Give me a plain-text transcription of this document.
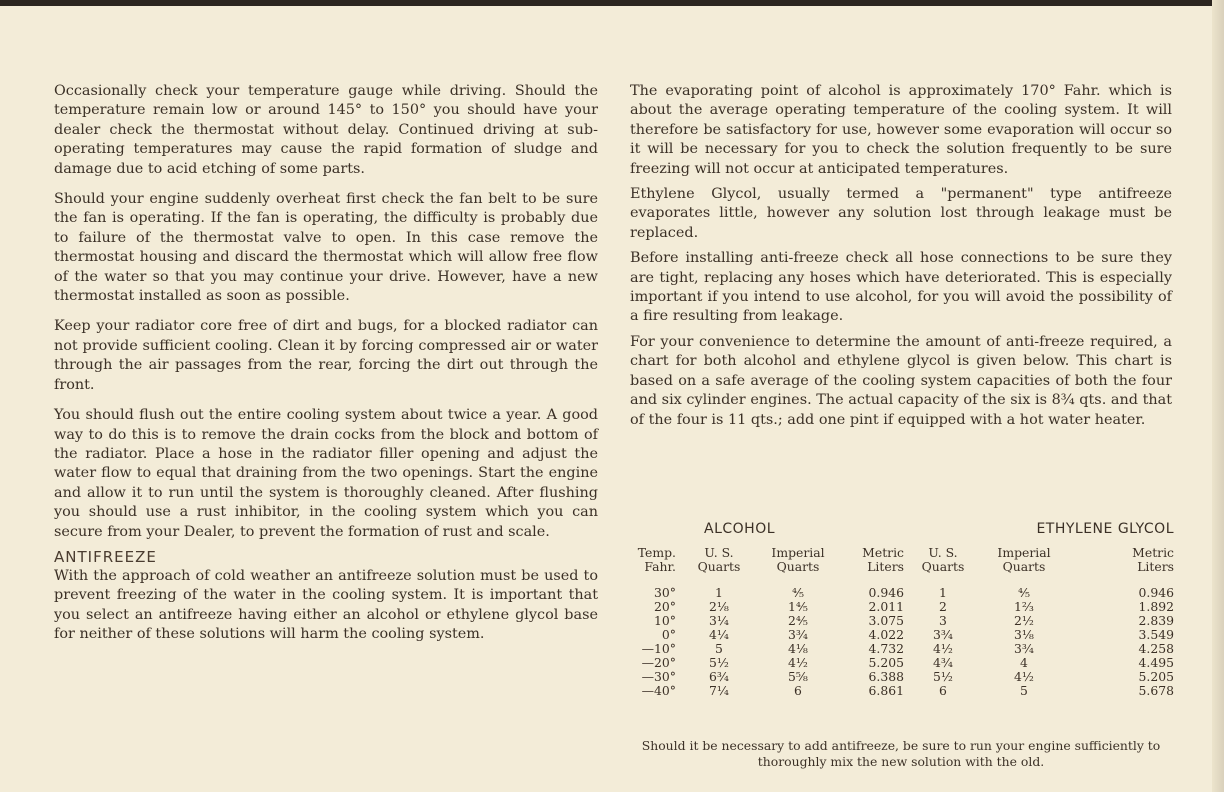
Occasionally check your temperature gauge while driving. Should the temperature remain low or around 145° to 150° you should have your dealer check the thermostat without delay. Continued driving at sub-operating temperatures may cause the rapid formation of sludge and damage due to acid etching of some parts.

Should your engine suddenly overheat first check the fan belt to be sure the fan is operating. If the fan is operating, the difficulty is probably due to failure of the thermostat valve to open. In this case remove the thermostat housing and discard the thermostat which will allow free flow of the water so that you may continue your drive. However, have a new thermostat installed as soon as possible.

Keep your radiator core free of dirt and bugs, for a blocked radiator can not provide sufficient cooling. Clean it by forcing compressed air or water through the air passages from the rear, forcing the dirt out through the front.

You should flush out the entire cooling system about twice a year. A good way to do this is to remove the drain cocks from the block and bottom of the radiator. Place a hose in the radiator filler opening and adjust the water flow to equal that draining from the two openings. Start the engine and allow it to run until the system is thoroughly cleaned. After flushing you should use a rust inhibitor, in the cooling system which you can secure from your Dealer, to prevent the formation of rust and scale.

ANTIFREEZE

With the approach of cold weather an antifreeze solution must be used to prevent freezing of the water in the cooling system. It is important that you select an antifreeze having either an alcohol or ethylene glycol base for neither of these solutions will harm the cooling system.

The evaporating point of alcohol is approximately 170° Fahr. which is about the average operating temperature of the cooling system. It will therefore be satisfactory for use, however some evaporation will occur so it will be necessary for you to check the solution frequently to be sure freezing will not occur at anticipated temperatures.

Ethylene Glycol, usually termed a "permanent" type antifreeze evaporates little, however any solution lost through leakage must be replaced.

Before installing anti-freeze check all hose connections to be sure they are tight, replacing any hoses which have deteriorated. This is especially important if you intend to use alcohol, for you will avoid the possibility of a fire resulting from leakage.

For your convenience to determine the amount of anti-freeze required, a chart for both alcohol and ethylene glycol is given below. This chart is based on a safe average of the cooling system capacities of both the four and six cylinder engines. The actual capacity of the six is 8¾ qts. and that of the four is 11 qts.; add one pint if equipped with a hot water heater.

ALCOHOL				ETHYLENE GLYCOL		
Temp.	U. S.	Imperial	Metric	U. S.	Imperial	Metric
Fahr.	Quarts	Quarts	Liters	Quarts	Quarts	Liters

30°	1	⅘	0.946	1	⅘	0.946
20°	2⅛	1⅘	2.011	2	1⅔	1.892
10°	3¼	2⅘	3.075	3	2½	2.839
0°	4¼	3¾	4.022	3¾	3⅛	3.549
—10°	5	4⅛	4.732	4½	3¾	4.258
—20°	5½	4½	5.205	4¾	4	4.495
—30°	6¾	5⅝	6.388	5½	4½	5.205
—40°	7¼	6	6.861	6	5	5.678
Should it be necessary to add antifreeze, be sure to run your engine sufficiently to thoroughly mix the new solution with the old.
